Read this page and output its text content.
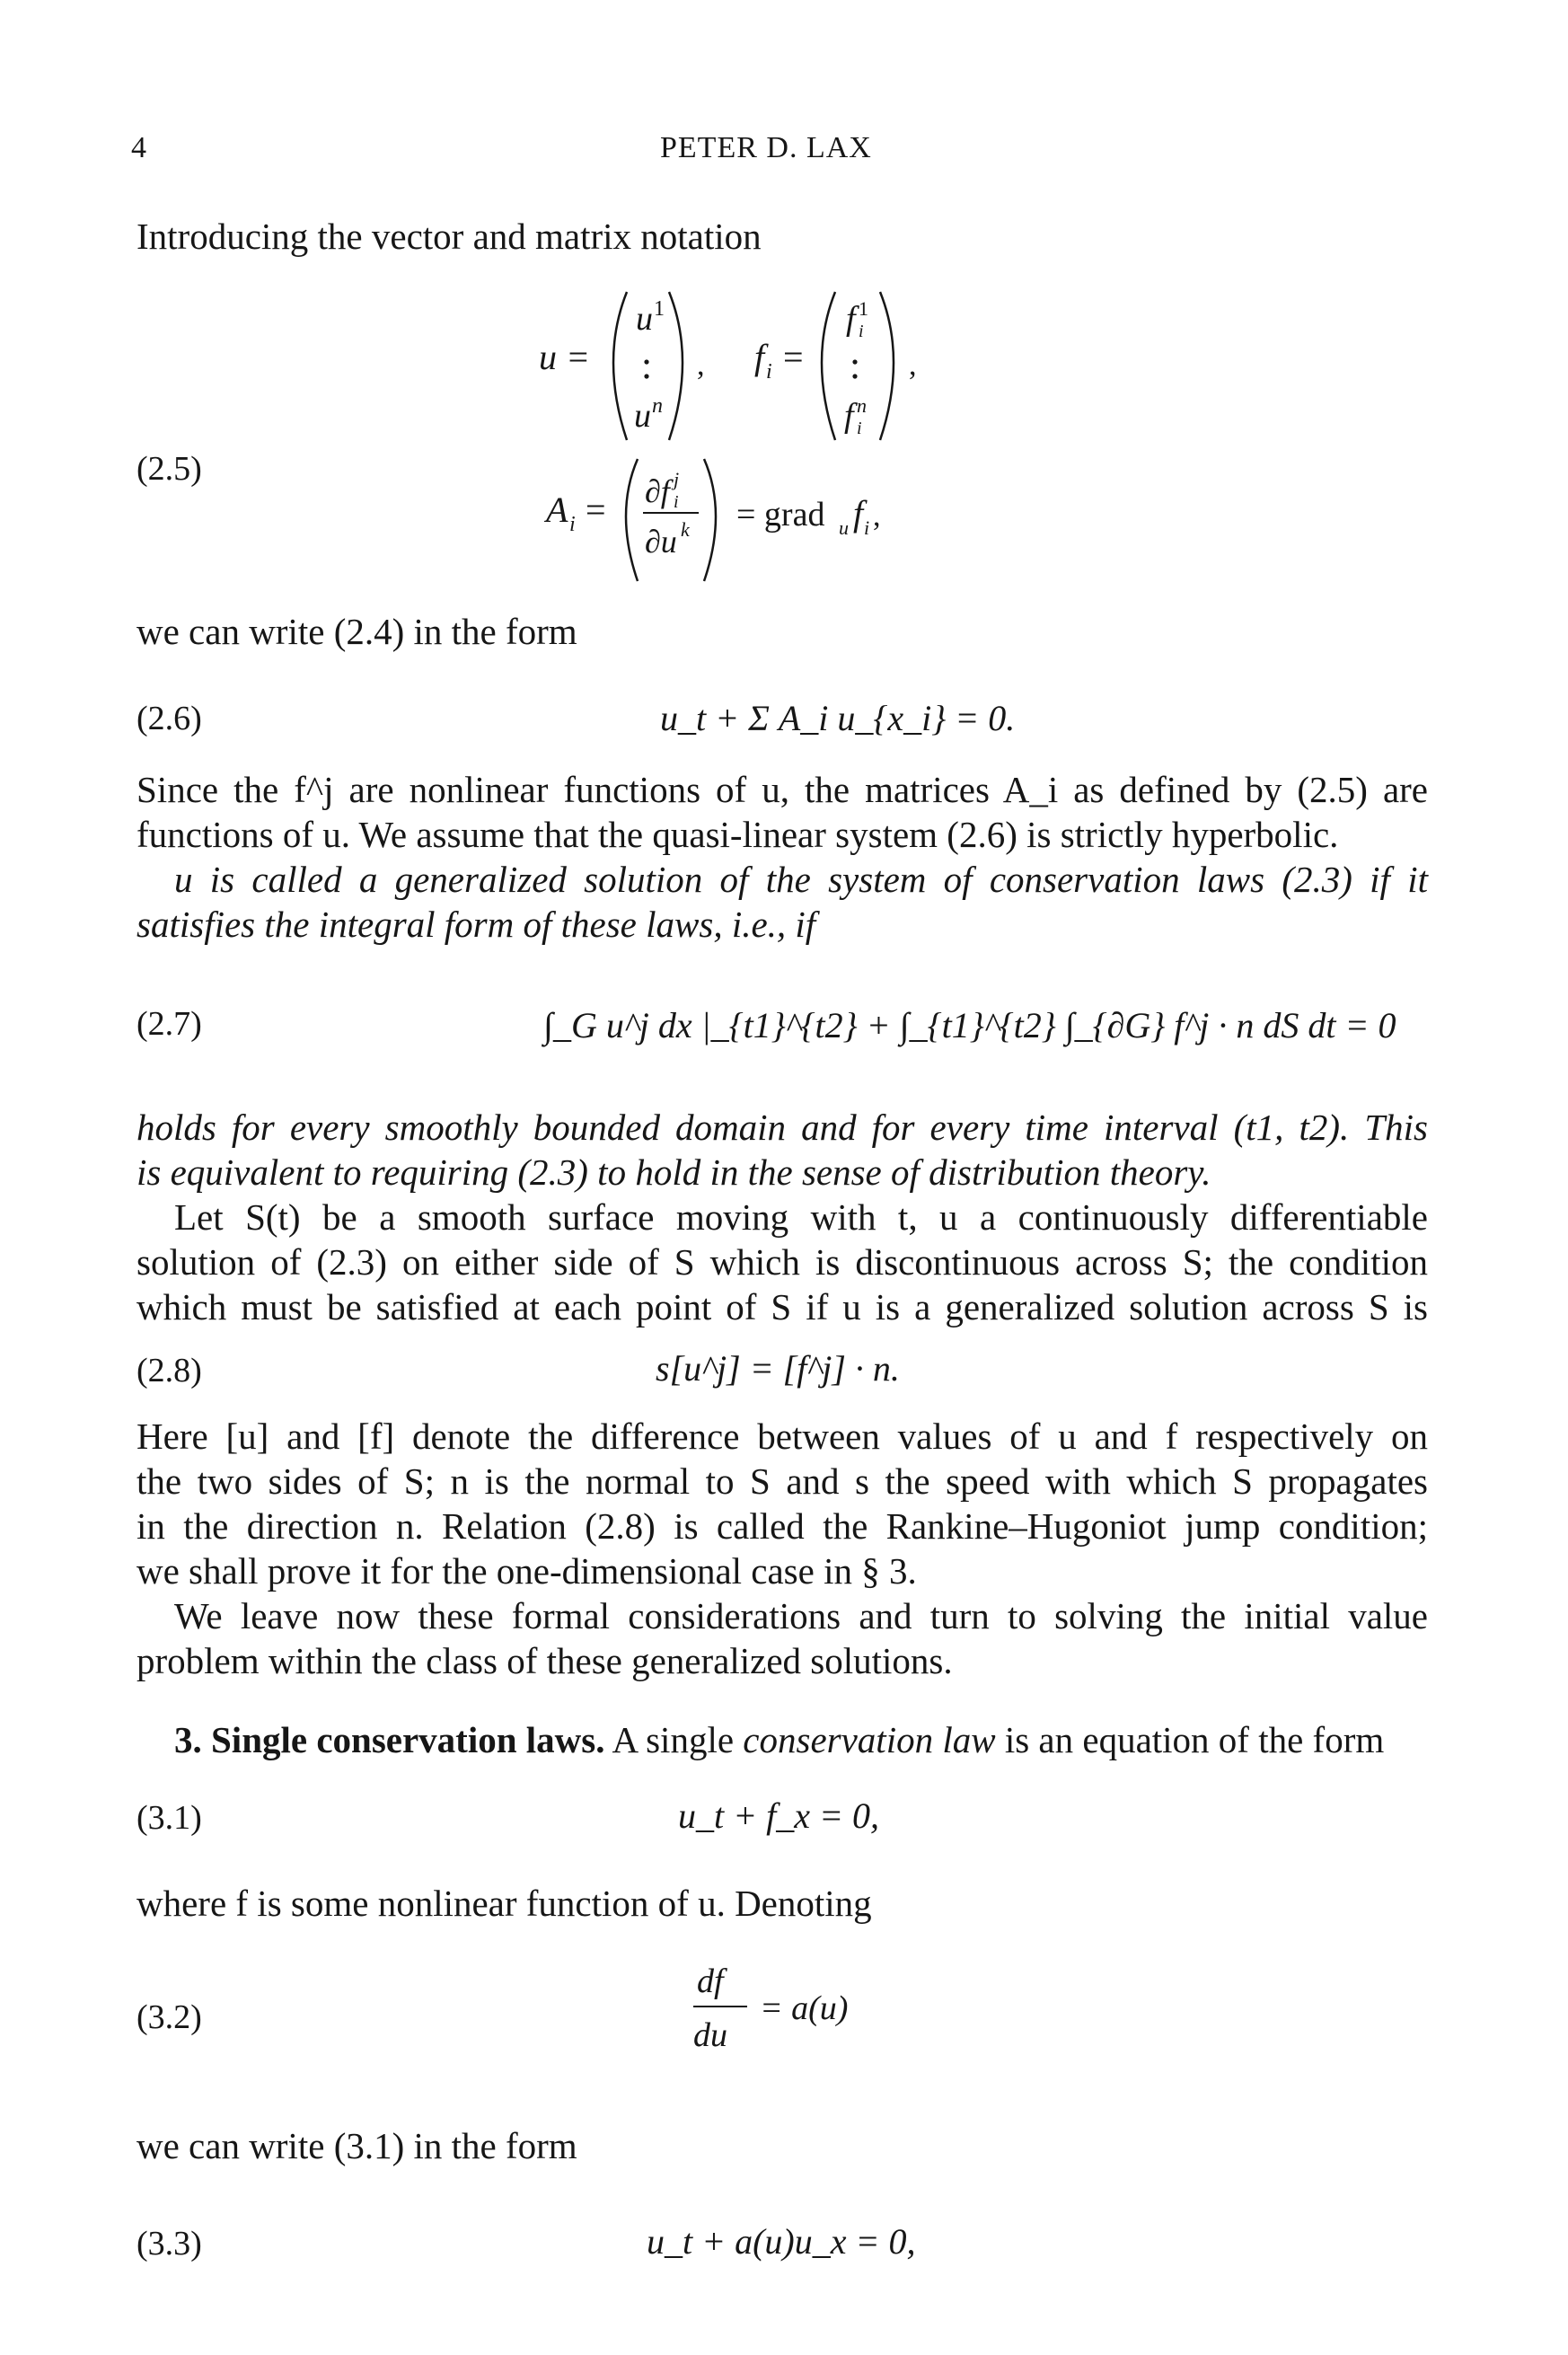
4	PETER D. LAX
Introducing the vector and matrix notation
(2.5)
u =
u 1
u n
, f i =
f 1
i
f n
i
,
A i = ∂f j
i
∂u k = grad u f i ,
we can write (2.4) in the form
(2.6)	u_t + Σ A_i u_{x_i} = 0.
Since the f^j are nonlinear functions of u, the matrices A_i as defined by (2.5) are
functions of u. We assume that the quasi-linear system (2.6) is strictly hyperbolic.
u is called a generalized solution of the system of conservation laws (2.3) if it
satisfies the integral form of these laws, i.e., if
(2.7)	∫_G u^j dx |_{t1}^{t2} + ∫_{t1}^{t2} ∫_{∂G} f^j · n dS dt = 0
holds for every smoothly bounded domain and for every time interval (t1, t2). This
is equivalent to requiring (2.3) to hold in the sense of distribution theory.
Let S(t) be a smooth surface moving with t, u a continuously differentiable
solution of (2.3) on either side of S which is discontinuous across S; the condition
which must be satisfied at each point of S if u is a generalized solution across S is
(2.8)	s[u^j] = [f^j] · n.
Here [u] and [f] denote the difference between values of u and f respectively on
the two sides of S; n is the normal to S and s the speed with which S propagates
in the direction n. Relation (2.8) is called the Rankine–Hugoniot jump condition;
we shall prove it for the one-dimensional case in § 3.
We leave now these formal considerations and turn to solving the initial value
problem within the class of these generalized solutions.
3. Single conservation laws. A single conservation law is an equation of the form
(3.1)	u_t + f_x = 0,
where f is some nonlinear function of u. Denoting
(3.2)
df
du
= a(u)
we can write (3.1) in the form
(3.3)	u_t + a(u)u_x = 0,
